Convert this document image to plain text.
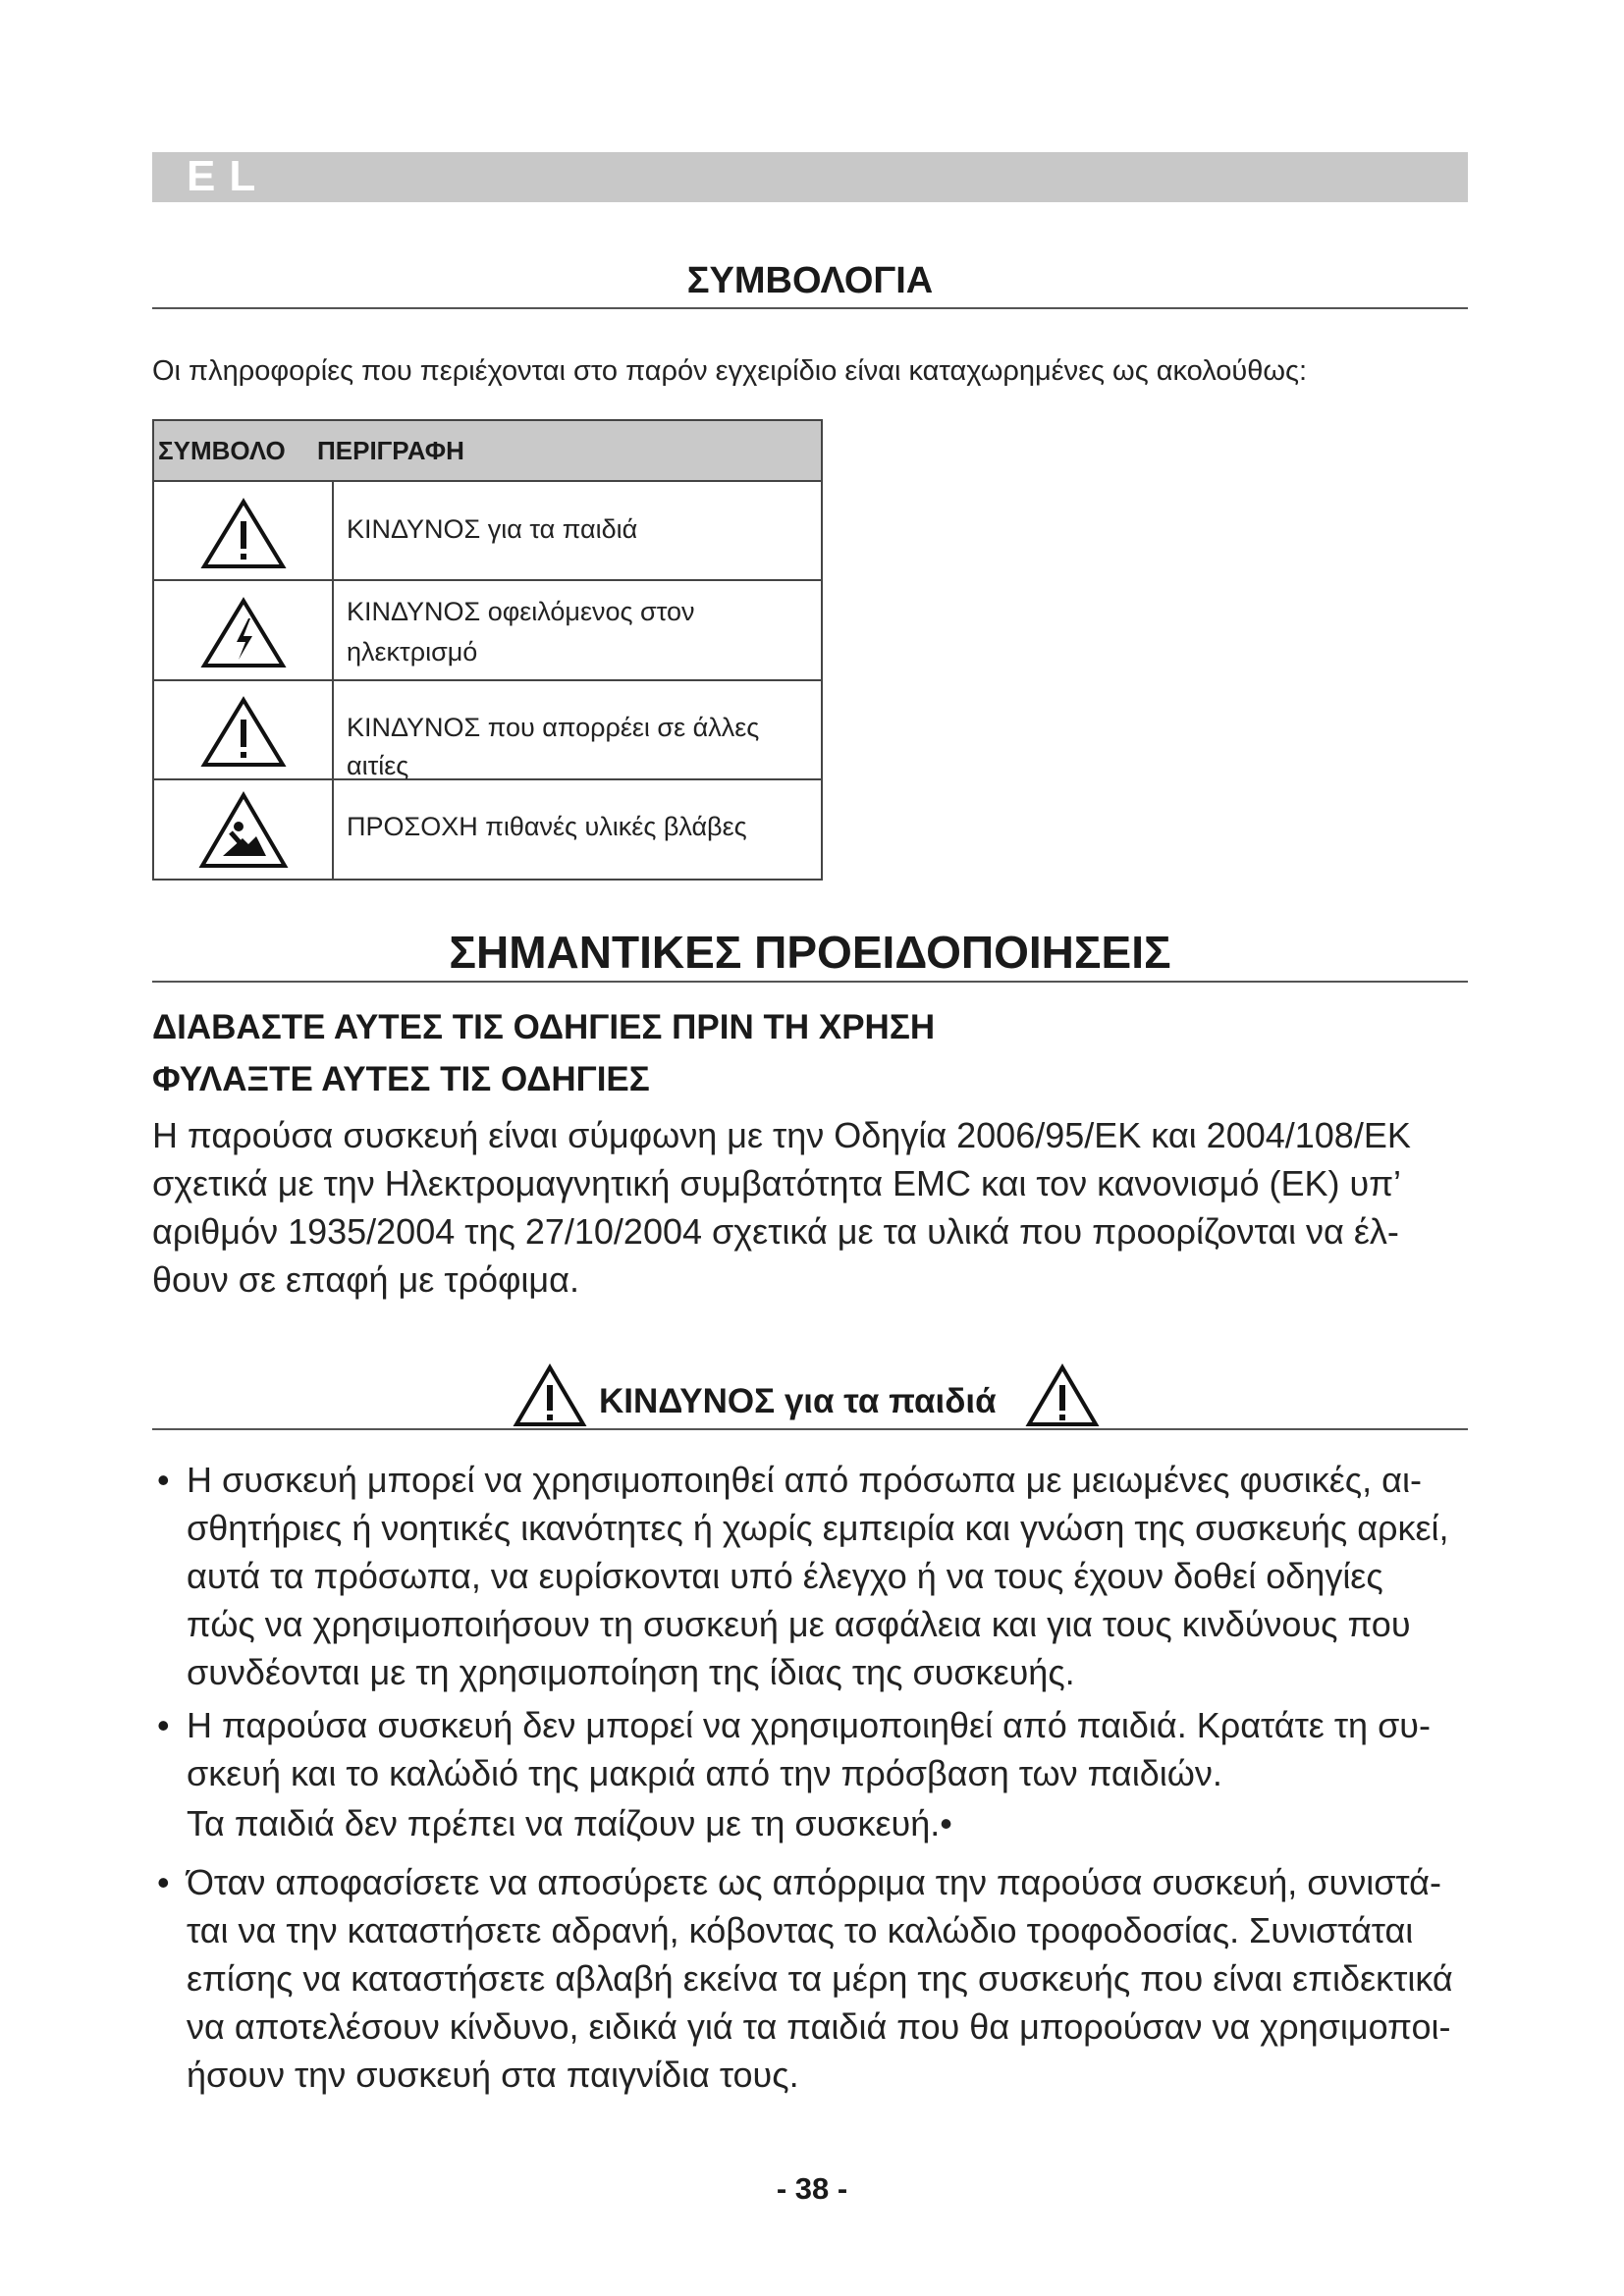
EL
ΣΥΜΒΟΛΟΓΙΑ
Οι πληροφορίες που περιέχονται στο παρόν εγχειρίδιο είναι καταχωρημένες ως ακολούθως:
ΣΥΜΒΟΛΟ ΠΕΡΙΓΡΑΦΗ
ΚΙΝΔΥΝΟΣ για τα παιδιά
ΚΙΝΔΥΝΟΣ οφειλόμενος στον
ηλεκτρισμό
ΚΙΝΔΥΝΟΣ που απορρέει σε άλλες αιτίες
ΠΡΟΣΟΧΗ πιθανές υλικές βλάβες
ΣΗΜΑΝΤΙΚΕΣ ΠΡΟΕΙΔΟΠΟΙΗΣΕΙΣ
ΔΙΑΒΑΣΤΕ ΑΥΤΕΣ ΤΙΣ ΟΔΗΓΙΕΣ ΠΡΙΝ ΤΗ ΧΡΗΣΗ
ΦΥΛΑΞΤΕ ΑΥΤΕΣ ΤΙΣ ΟΔΗΓΙΕΣ
Η παρούσα συσκευή είναι σύμφωνη με την Οδηγία 2006/95/ΕΚ και 2004/108/ΕΚ
σχετικά με την Ηλεκτρομαγνητική συμβατότητα EMC και τον κανονισμό (ΕΚ) υπ’
αριθμόν 1935/2004 της 27/10/2004 σχετικά με τα υλικά που προορίζονται να έλ-
θουν σε επαφή με τρόφιμα.
ΚΙΝΔΥΝΟΣ για τα παιδιά
• Η συσκευή μπορεί να χρησιμοποιηθεί από πρόσωπα με μειωμένες φυσικές, αι-
σθητήριες ή νοητικές ικανότητες ή χωρίς εμπειρία και γνώση της συσκευής αρκεί,
αυτά τα πρόσωπα, να ευρίσκονται υπό έλεγχο ή να τους έχουν δοθεί οδηγίες
πώς να χρησιμοποιήσουν τη συσκευή με ασφάλεια και για τους κινδύνους που
συνδέονται με τη χρησιμοποίηση της ίδιας της συσκευής.
• Η παρούσα συσκευή δεν μπορεί να χρησιμοποιηθεί από παιδιά. Κρατάτε τη συ-
σκευή και το καλώδιό της μακριά από την πρόσβαση των παιδιών.
Τα παιδιά δεν πρέπει να παίζουν με τη συσκευή.•
• Όταν αποφασίσετε να αποσύρετε ως απόρριμα την παρούσα συσκευή, συνιστά-
ται να την καταστήσετε αδρανή, κόβοντας το καλώδιο τροφοδοσίας. Συνιστάται
επίσης να καταστήσετε αβλαβή εκείνα τα μέρη της συσκευής που είναι επιδεκτικά
να αποτελέσουν κίνδυνο, ειδικά γιά τα παιδιά που θα μπορούσαν να χρησιμοποι-
ήσουν την συσκευή στα παιγνίδια τους.
- 38 -
